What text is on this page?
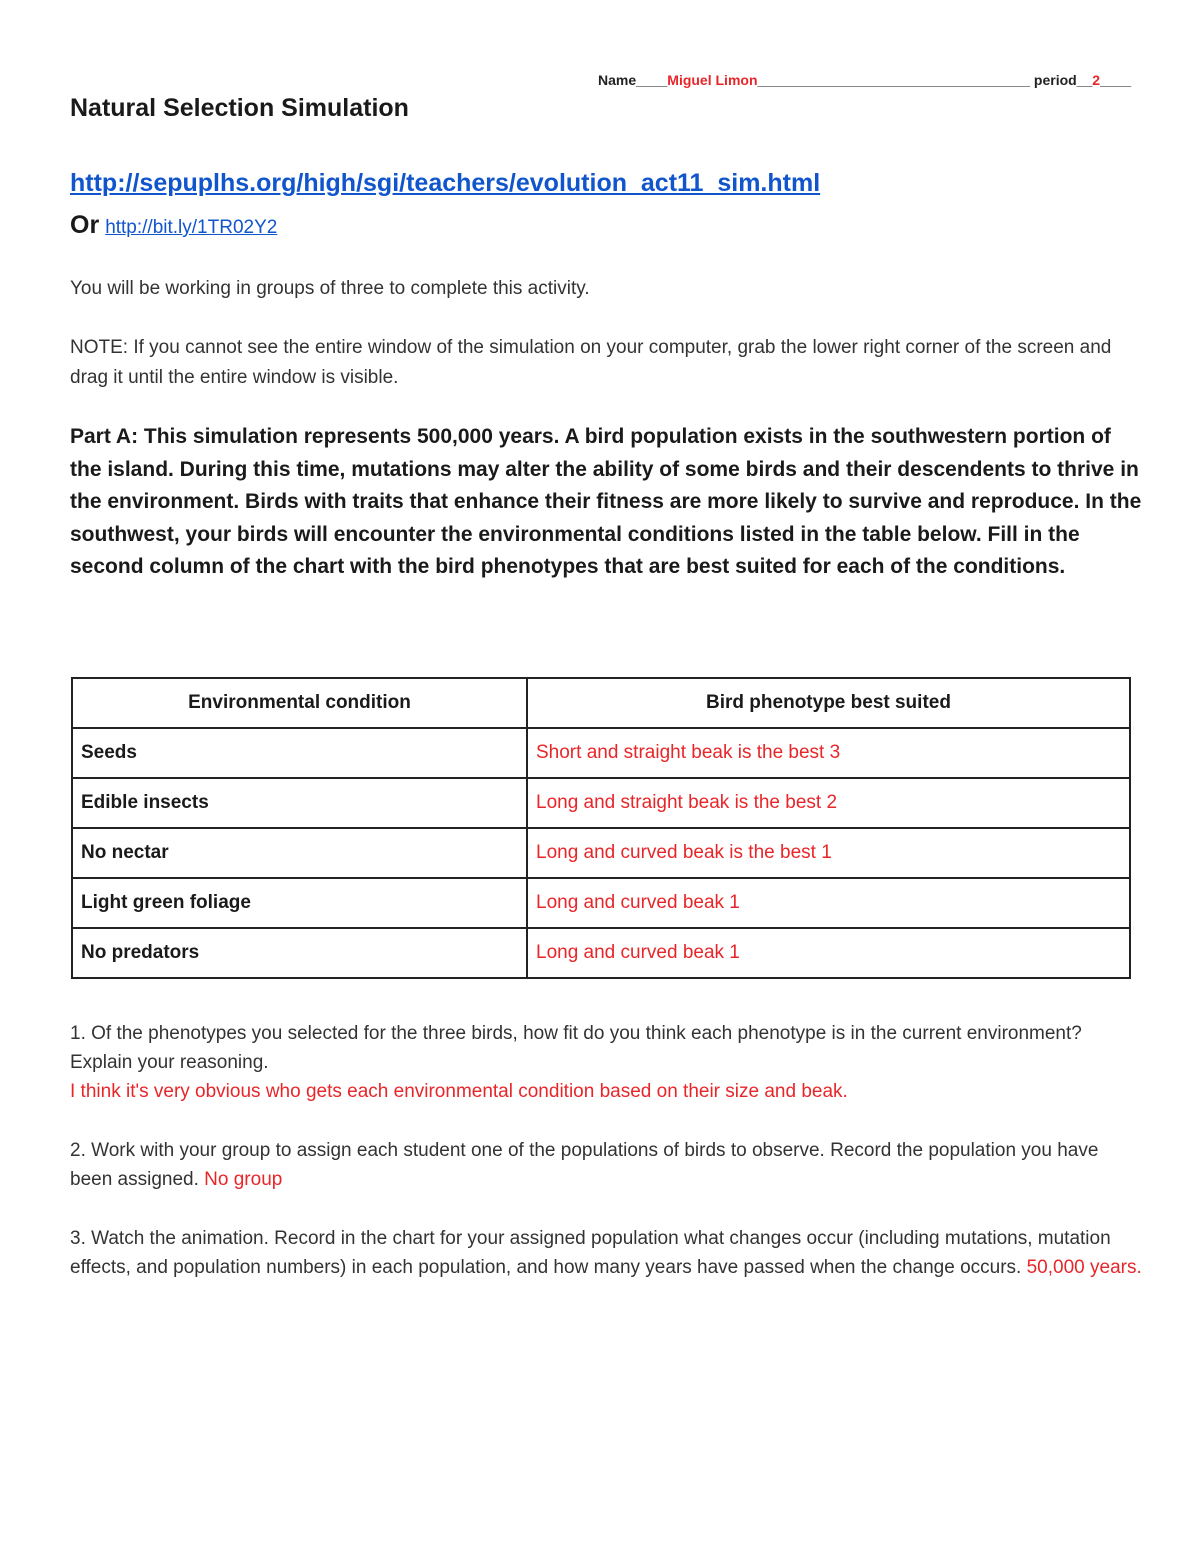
Name____Miguel Limon___________________________________ period__2____
Natural Selection Simulation
http://sepuplhs.org/high/sgi/teachers/evolution_act11_sim.html
Or http://bit.ly/1TR02Y2
You will be working in groups of three to complete this activity.
NOTE: If you cannot see the entire window of the simulation on your computer, grab the lower right corner of the screen and drag it until the entire window is visible.
Part A: This simulation represents 500,000 years. A bird population exists in the southwestern portion of the island. During this time, mutations may alter the ability of some birds and their descendents to thrive in the environment. Birds with traits that enhance their fitness are more likely to survive and reproduce. In the southwest, your birds will encounter the environmental conditions listed in the table below. Fill in the second column of the chart with the bird phenotypes that are best suited for each of the conditions.
Environmental condition	Bird phenotype best suited
Seeds	Short and straight beak is the best 3
Edible insects	Long and straight beak is the best 2
No nectar	Long and curved beak is the best 1
Light green foliage	Long and curved beak 1
No predators	Long and curved beak 1
1. Of the phenotypes you selected for the three birds, how fit do you think each phenotype is in the current environment? Explain your reasoning.
I think it's very obvious who gets each environmental condition based on their size and beak.
2. Work with your group to assign each student one of the populations of birds to observe. Record the population you have been assigned. No group
3. Watch the animation. Record in the chart for your assigned population what changes occur (including mutations, mutation effects, and population numbers) in each population, and how many years have passed when the change occurs. 50,000 years.
